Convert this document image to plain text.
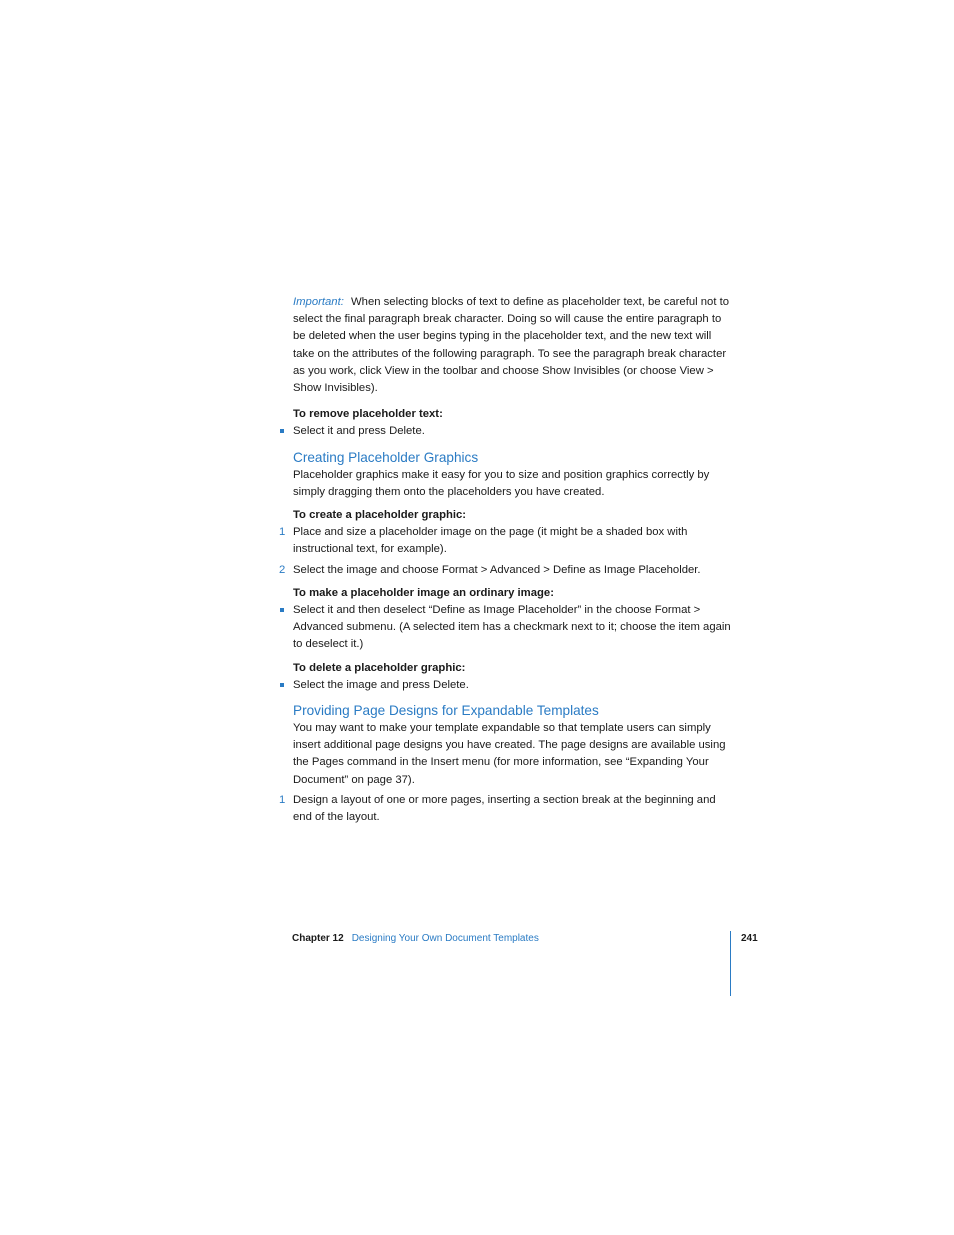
Important: When selecting blocks of text to define as placeholder text, be careful not to select the final paragraph break character. Doing so will cause the entire paragraph to be deleted when the user begins typing in the placeholder text, and the new text will take on the attributes of the following paragraph. To see the paragraph break character as you work, click View in the toolbar and choose Show Invisibles (or choose View > Show Invisibles).

To remove placeholder text:

Select it and press Delete.
Creating Placeholder Graphics

Placeholder graphics make it easy for you to size and position graphics correctly by simply dragging them onto the placeholders you have created.

To create a placeholder graphic:

1 Place and size a placeholder image on the page (it might be a shaded box with instructional text, for example).
2 Select the image and choose Format > Advanced > Define as Image Placeholder.

To make a placeholder image an ordinary image:

Select it and then deselect “Define as Image Placeholder” in the choose Format > Advanced submenu. (A selected item has a checkmark next to it; choose the item again to deselect it.)

To delete a placeholder graphic:

Select the image and press Delete.
Providing Page Designs for Expandable Templates

You may want to make your template expandable so that template users can simply insert additional page designs you have created. The page designs are available using the Pages command in the Insert menu (for more information, see “Expanding Your Document” on page 37).

1 Design a layout of one or more pages, inserting a section break at the beginning and end of the layout.
Chapter 12 Designing Your Own Document Templates	241
